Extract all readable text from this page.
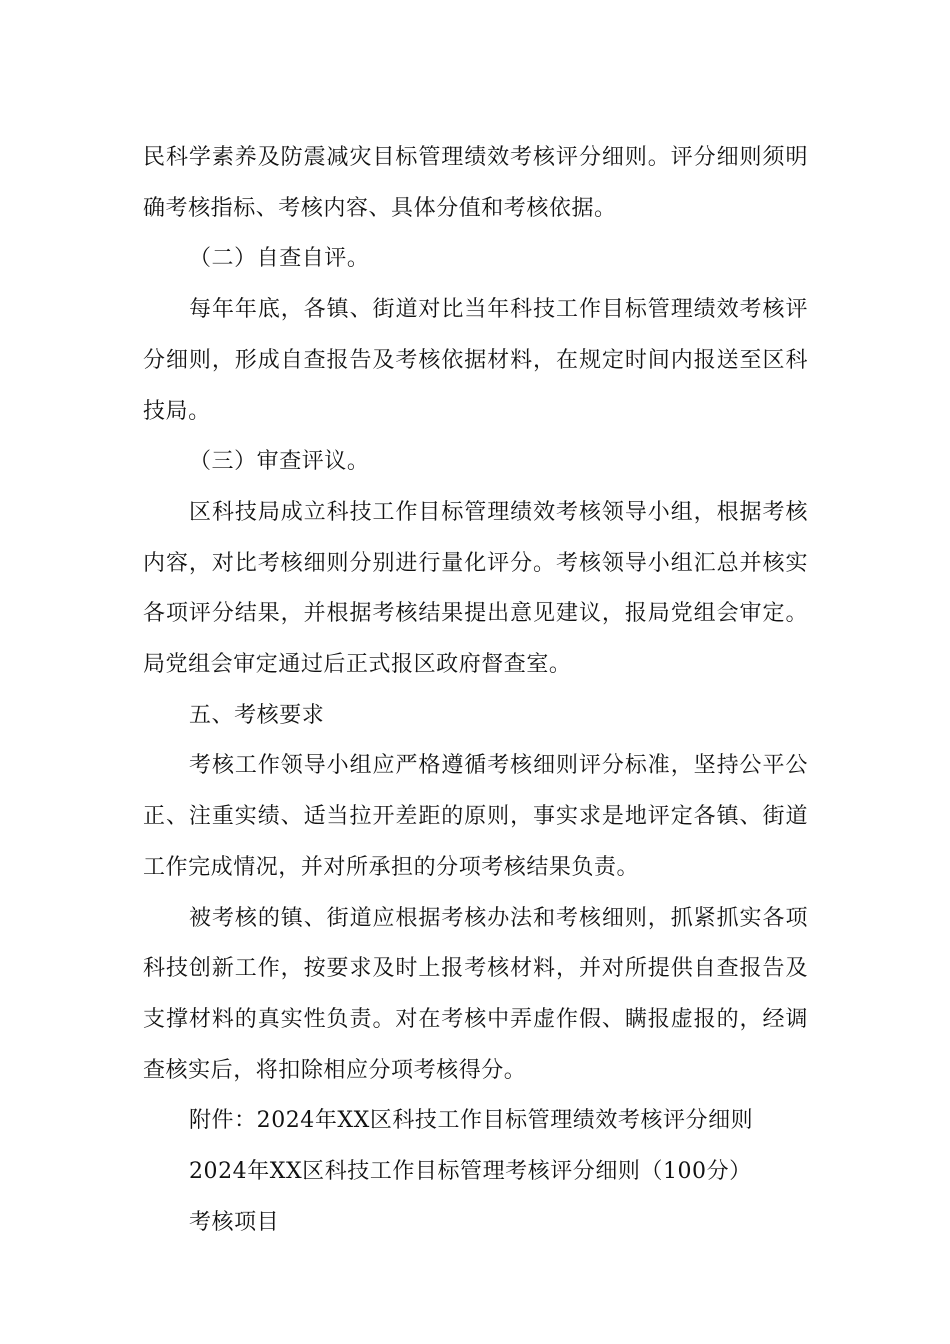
民科学素养及防震减灾目标管理绩效考核评分细则。评分细则须明确考核指标、考核内容、具体分值和考核依据。

（二）自查自评。

每年年底，各镇、街道对比当年科技工作目标管理绩效考核评分细则，形成自查报告及考核依据材料，在规定时间内报送至区科技局。

（三）审查评议。

区科技局成立科技工作目标管理绩效考核领导小组，根据考核内容，对比考核细则分别进行量化评分。考核领导小组汇总并核实各项评分结果，并根据考核结果提出意见建议，报局党组会审定。局党组会审定通过后正式报区政府督查室。

五、考核要求

考核工作领导小组应严格遵循考核细则评分标准，坚持公平公正、注重实绩、适当拉开差距的原则，事实求是地评定各镇、街道工作完成情况，并对所承担的分项考核结果负责。

被考核的镇、街道应根据考核办法和考核细则，抓紧抓实各项科技创新工作，按要求及时上报考核材料，并对所提供自查报告及支撑材料的真实性负责。对在考核中弄虚作假、瞒报虚报的，经调查核实后，将扣除相应分项考核得分。

附件：2024年XX区科技工作目标管理绩效考核评分细则

2024年XX区科技工作目标管理考核评分细则（100分）

考核项目
